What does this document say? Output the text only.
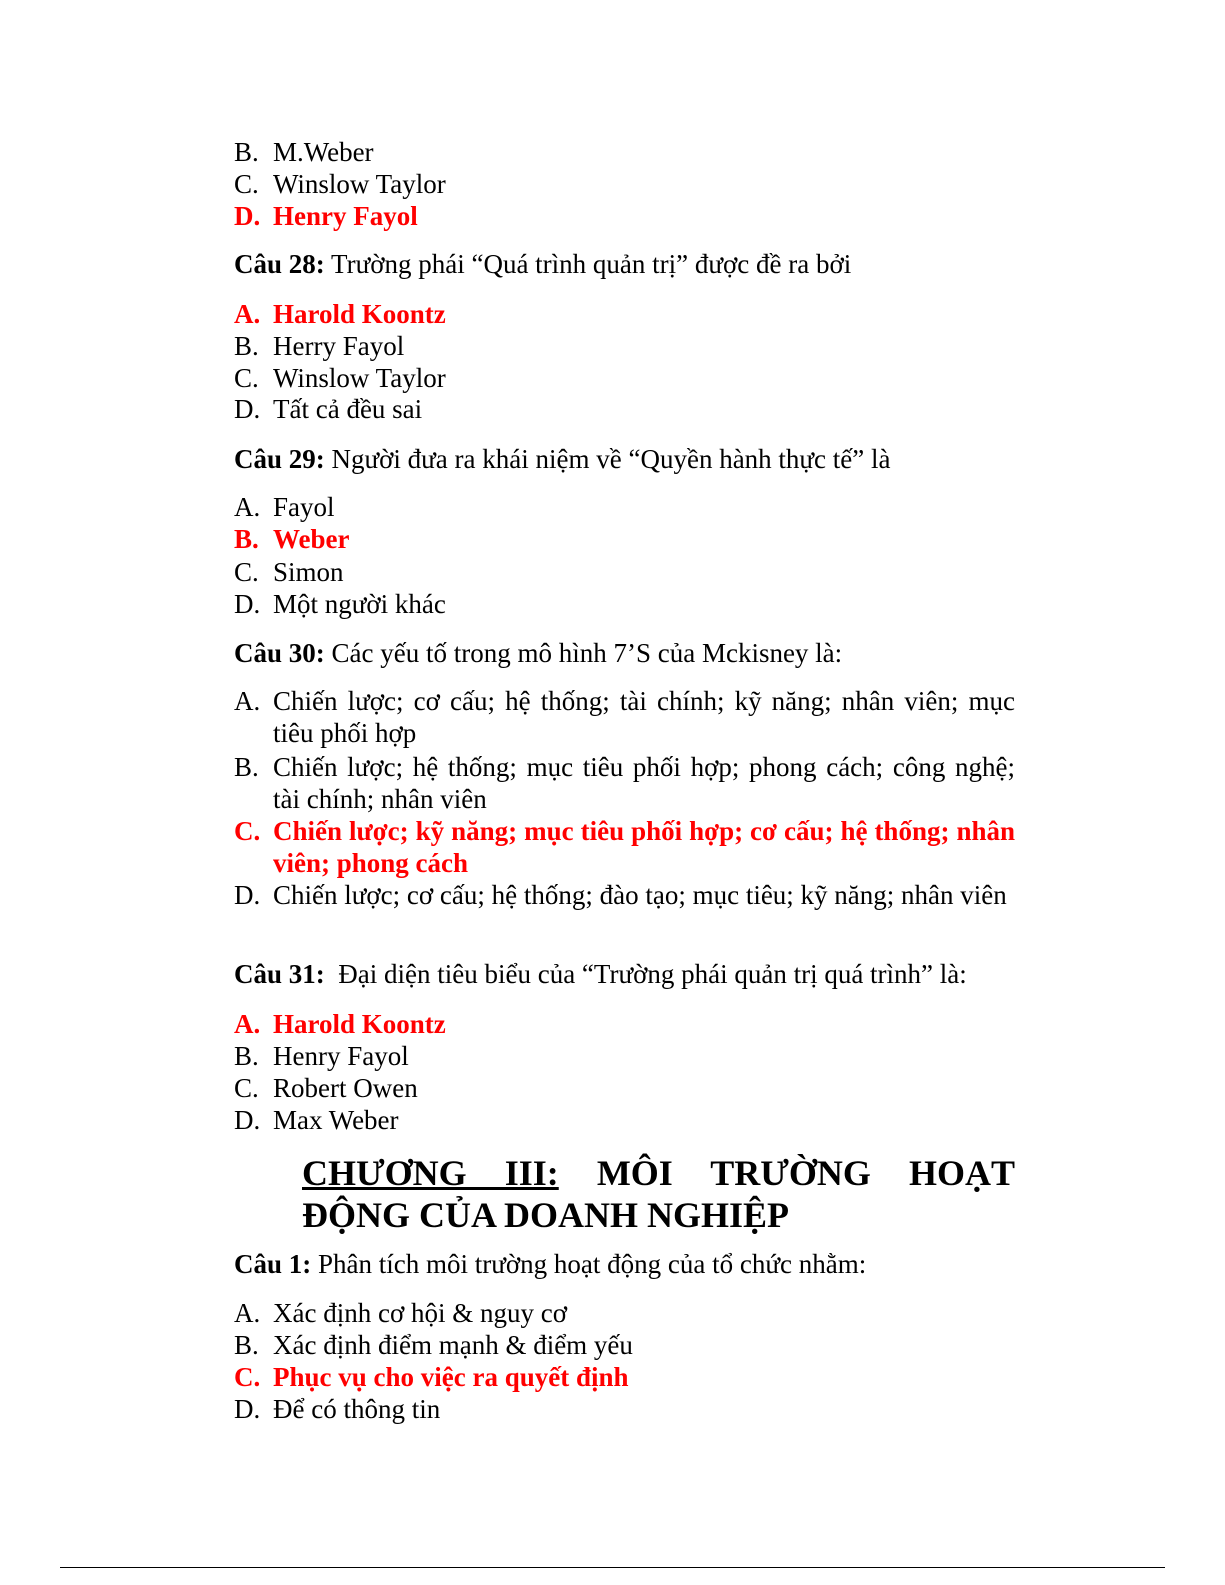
B. M.Weber
C. Winslow Taylor
D. Henry Fayol
Câu 28: Trường phái “Quá trình quản trị” được đề ra bởi
A. Harold Koontz
B. Herry Fayol
C. Winslow Taylor
D. Tất cả đều sai
Câu 29: Người đưa ra khái niệm về “Quyền hành thực tế” là
A. Fayol
B. Weber
C. Simon
D. Một người khác
Câu 30: Các yếu tố trong mô hình 7’S của Mckisney là:
A. Chiến lược; cơ cấu; hệ thống; tài chính; kỹ năng; nhân viên; mục tiêu phối hợp
B. Chiến lược; hệ thống; mục tiêu phối hợp; phong cách; công nghệ; tài chính; nhân viên
C. Chiến lược; kỹ năng; mục tiêu phối hợp; cơ cấu; hệ thống; nhân viên; phong cách
D. Chiến lược; cơ cấu; hệ thống; đào tạo; mục tiêu; kỹ năng; nhân viên
Câu 31:  Đại diện tiêu biểu của “Trường phái quản trị quá trình” là:
A. Harold Koontz
B. Henry Fayol
C. Robert Owen
D. Max Weber
CHƯƠNG III: MÔI TRƯỜNG HOẠT ĐỘNG CỦA DOANH NGHIỆP
Câu 1: Phân tích môi trường hoạt động của tổ chức nhằm:
A. Xác định cơ hội & nguy cơ
B. Xác định điểm mạnh & điểm yếu
C. Phục vụ cho việc ra quyết định
D. Để có thông tin
